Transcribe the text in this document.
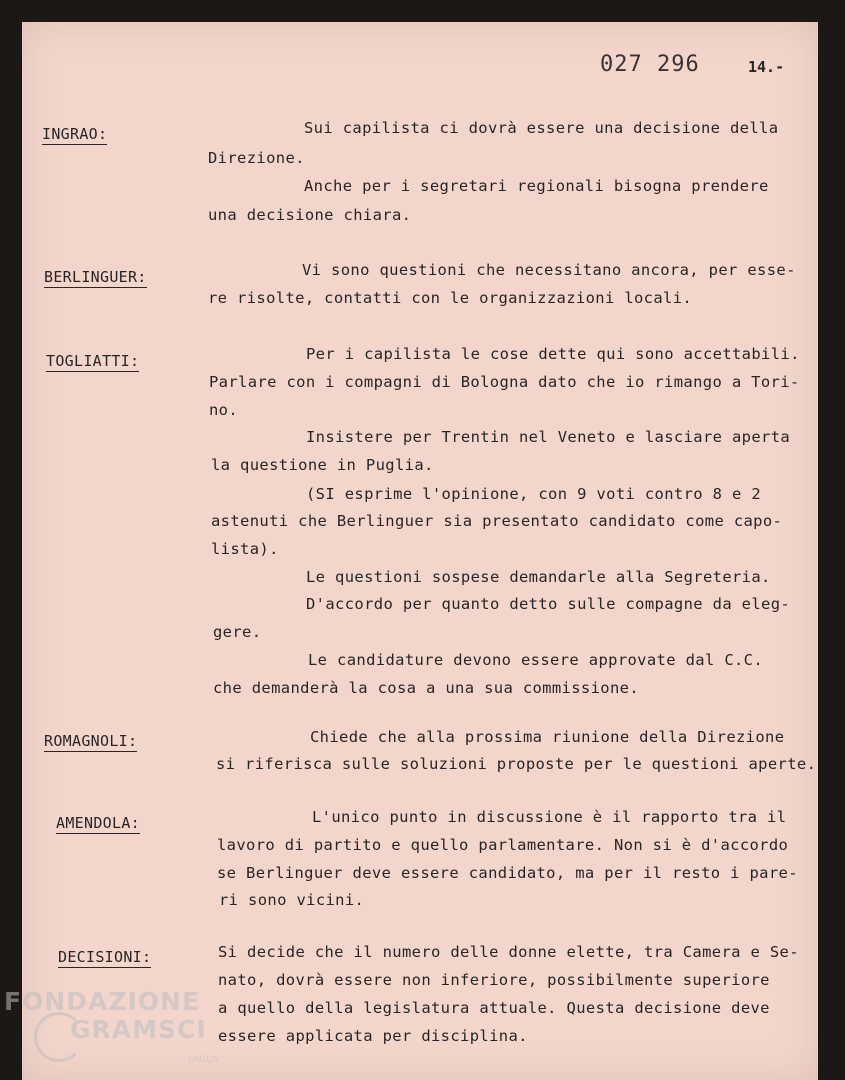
027 296	14.-
INGRAO:	Sui capilista ci dovrà essere una decisione della
Direzione.
Anche per i segretari regionali bisogna prendere
una decisione chiara.
BERLINGUER:	Vi sono questioni che necessitano ancora, per esse-
re risolte, contatti con le organizzazioni locali.
TOGLIATTI:	Per i capilista le cose dette qui sono accettabili.
Parlare con i compagni di Bologna dato che io rimango a Tori-
no.
Insistere per Trentin nel Veneto e lasciare aperta
la questione in Puglia.
(SI esprime l'opinione, con 9 voti contro 8 e 2
astenuti che Berlinguer sia presentato candidato come capo-
lista).
Le questioni sospese demandarle alla Segreteria.
D'accordo per quanto detto sulle compagne da eleg-
gere.
Le candidature devono essere approvate dal C.C.
che demanderà la cosa a una sua commissione.
ROMAGNOLI:	Chiede che alla prossima riunione della Direzione
si riferisca sulle soluzioni proposte per le questioni aperte.
AMENDOLA:	L'unico punto in discussione è il rapporto tra il
lavoro di partito e quello parlamentare. Non si è d'accordo
se Berlinguer deve essere candidato, ma per il resto i pare-
ri sono vicini.
DECISIONI:	Si decide che il numero delle donne elette, tra Camera e Se-
nato, dovrà essere non inferiore, possibilmente superiore
a quello della legislatura attuale. Questa decisione deve
essere applicata per disciplina.
FONDAZIONE
GRAMSCI
ONLUS
